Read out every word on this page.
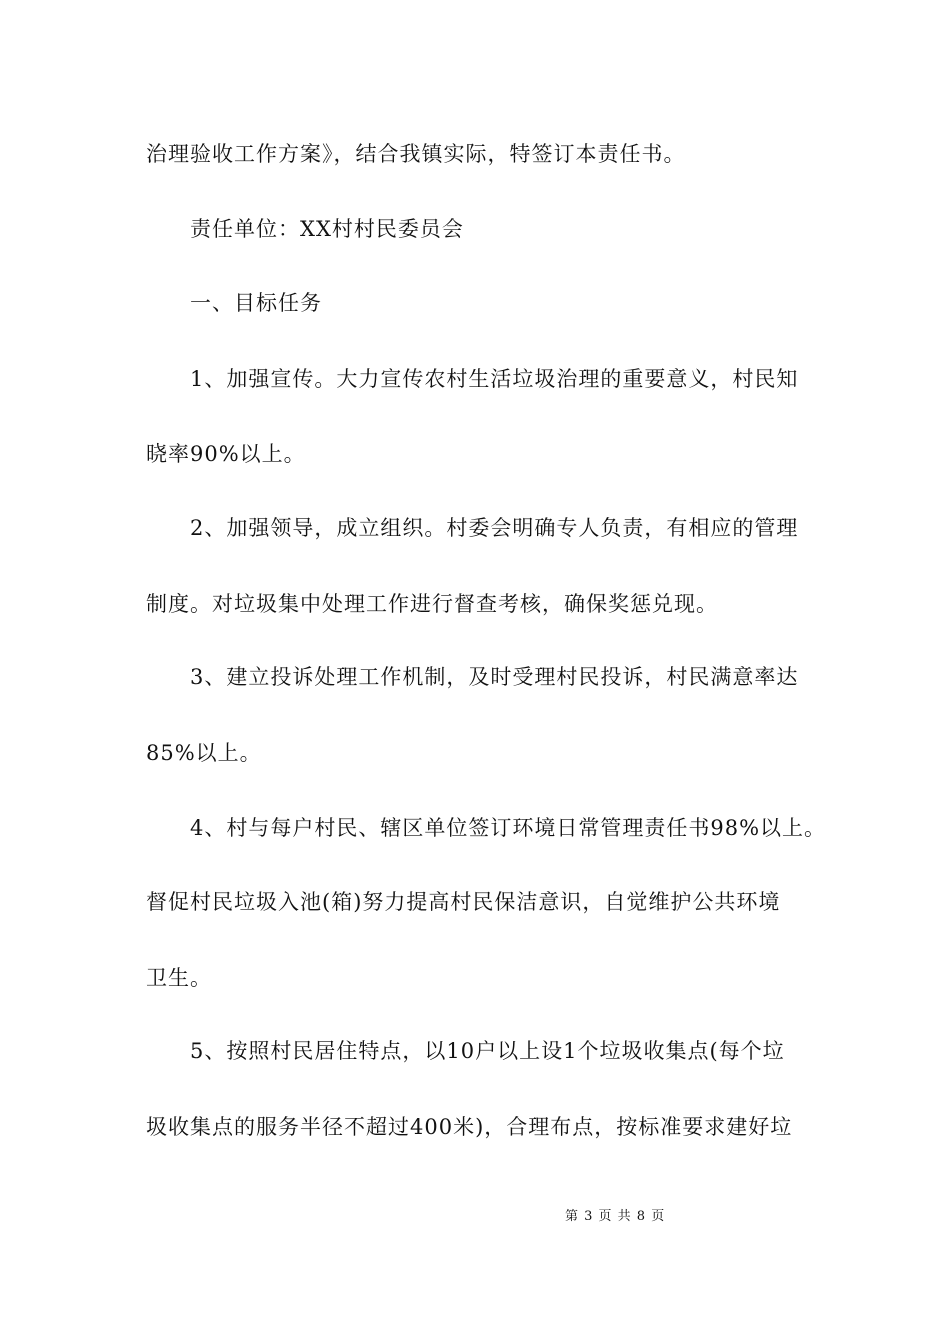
治理验收工作方案》，结合我镇实际，特签订本责任书。
责任单位：XX村村民委员会
一、目标任务
1、加强宣传。大力宣传农村生活垃圾治理的重要意义，村民知
晓率90%以上。
2、加强领导，成立组织。村委会明确专人负责，有相应的管理
制度。对垃圾集中处理工作进行督查考核，确保奖惩兑现。
3、建立投诉处理工作机制，及时受理村民投诉，村民满意率达
85%以上。
4、村与每户村民、辖区单位签订环境日常管理责任书98%以上。
督促村民垃圾入池(箱)努力提高村民保洁意识，自觉维护公共环境
卫生。
5、按照村民居住特点，以10户以上设1个垃圾收集点(每个垃
圾收集点的服务半径不超过400米)，合理布点，按标准要求建好垃
第 3 页 共 8 页
